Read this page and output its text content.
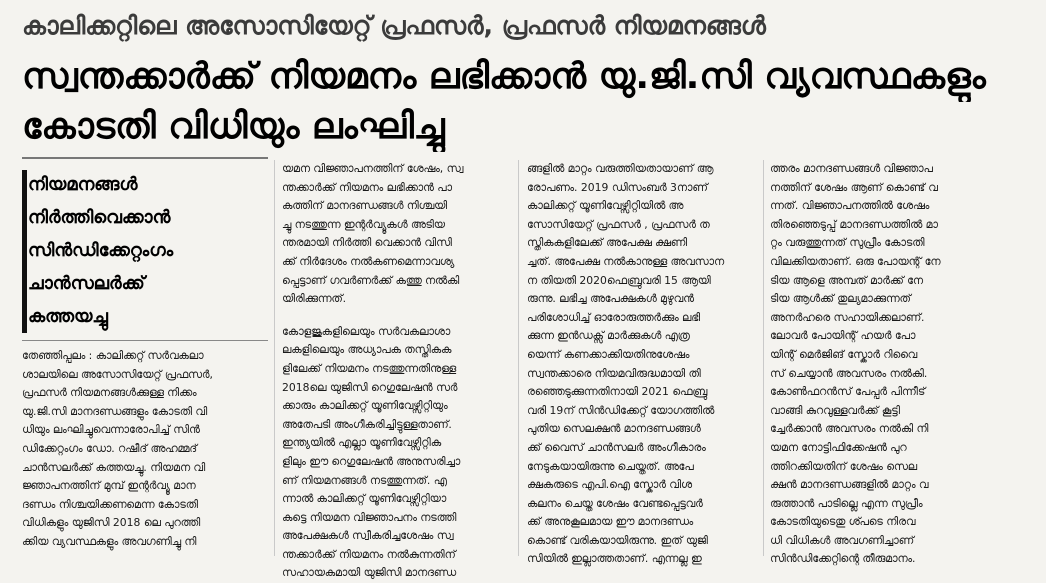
കാലിക്കറ്റിലെ അസോസിയേറ്റ് പ്രഫസർ, പ്രഫസർ നിയമനങ്ങൾ
സ്വന്തക്കാർക്ക് നിയമനം ലഭിക്കാൻ യു.ജി.സി വ്യവസ്ഥകളും
കോടതി വിധിയും ലംഘിച്ചു
നിയമനങ്ങൾ
നിർത്തിവെക്കാൻ
സിൻഡിക്കേറ്റംഗം
ചാൻസലർക്ക്
കത്തയച്ചു
തേഞ്ഞിപ്പലം : കാലിക്കറ്റ് സർവകലാ
ശാലയിലെ അസോസിയേറ്റ് പ്രഫസർ,
പ്രഫസർ നിയമനങ്ങൾക്കുള്ള നിക്കം
യു.ജി.സി മാനദണ്ഡങ്ങളും കോടതി വി
ധിയും ലംഘിച്ചുവെന്നാരോപിച്ച് സിൻ
ഡിക്കേറ്റംഗം ഡോ. റഷീദ് അഹമ്മദ്
ചാൻസലർക്ക് കത്തയച്ചു. നിയമന വി
ജ്ഞാപനത്തിന് മുമ്പ് ഇന്റർവ്യൂ മാന
ദണ്ഡം നിശ്ചയിക്കണമെന്ന കോടതി
വിധികളും യുജിസി 2018 ലെ പുറത്തി
ക്കിയ വ്യവസ്ഥകളും അവഗണിച്ചു നി
യമന വിജ്ഞാപനത്തിന് ശേഷം, സ്വ
ന്തക്കാർക്ക് നിയമനം ലഭിക്കാൻ പാ
കത്തിന് മാനദണ്ഡങ്ങൾ നിശ്ചയി
ച്ചു നടത്തുന്ന ഇന്റർവ്യൂകൾ അടിയ
ന്തരമായി നിർത്തി വെക്കാൻ വിസി
ക്ക് നിർദേശം നൽകണമെന്നാവശ്യ
പ്പെട്ടാണ് ഗവർണർക്ക് കത്തു നൽകി
യിരിക്കുന്നത്.
കോളജുകളിലെയും സർവകലാശാ
ലകളിലെയും അധ്യാപക തസ്തികക
ളിലേക്ക് നിയമനം നടത്തുന്നതിനുള്ള
2018ലെ യുജിസി റെഗുലേഷൻ സർ
ക്കാരും കാലിക്കറ്റ് യൂണിവേഴ്സിറ്റിയും
അതേപടി അംഗീകരിച്ചിട്ടുള്ളതാണ്.
ഇന്ത്യയിൽ എല്ലാ യൂണിവേഴ്സിറ്റിക
ളിലും ഈ റെഗുലേഷൻ അനുസരിച്ചാ
ണ് നിയമനങ്ങൾ നടത്തുന്നത്. എ
ന്നാൽ കാലിക്കറ്റ് യൂണിവേഴ്സിറ്റിയാ
കട്ടെ നിയമന വിജ്ഞാപനം നടത്തി
അപേക്ഷകൾ സ്വീകരിച്ചശേഷം സ്വ
ന്തക്കാർക്ക് നിയമനം നൽകുന്നതിന്
സഹായകമായി യുജിസി മാനദണ്ഡ
ങ്ങളിൽ മാറ്റം വരുത്തിയതായാണ് ആ
രോപണം. 2019 ഡിസംബർ 3നാണ്
കാലിക്കറ്റ് യൂണിവേഴ്സിറ്റിയിൽ അ
സോസിയേറ്റ് പ്രഫസർ , പ്രഫസർ ത
സ്തികകളിലേക്ക് അപേക്ഷ ക്ഷണി
ച്ചത്. അപേക്ഷ നൽകാനുള്ള അവസാന
ന തിയതി 2020ഫെബ്രുവരി 15 ആയി
രുന്നു. ലഭിച്ച അപേക്ഷകൾ മുഴുവൻ
പരിശോധിച്ച് ഓരോരുത്തർക്കും ലഭി
ക്കുന്ന ഇൻഡക്സ് മാർക്കുകൾ എത്ര
യെന്ന് കണക്കാക്കിയതിനുശേഷം
സ്വന്തക്കാരെ നിയമവിരുദ്ധമായി തി
രഞ്ഞെടുക്കുന്നതിനായി 2021 ഫെബ്രു
വരി 19ന് സിൻഡിക്കേറ്റ് യോഗത്തിൽ
പുതിയ സെലക്ഷൻ മാനദണ്ഡങ്ങൾ
ക്ക് വൈസ് ചാൻസലർ അംഗീകാരം
നേടുകയായിരുന്നു ചെയ്തത്. അപേ
ക്ഷകരുടെ എപി.ഐ സ്കോർ വിശ
കലനം ചെയ്ത ശേഷം വേണ്ടപ്പെട്ടവർ
ക്ക് അനുകൂലമായ ഈ മാനദണ്ഡം
കൊണ്ട് വരികയായിരുന്നു. ഇത് യുജി
സിയിൽ ഇല്ലാത്തതാണ്. എന്നല്ല ഇ
ത്തരം മാനദണ്ഡങ്ങൾ വിജ്ഞാപ
നത്തിന് ശേഷം ആണ് കൊണ്ട് വ
ന്നത്. വിജ്ഞാപനത്തിൽ ശേഷം
തിരഞ്ഞെടുപ്പ് മാനദണ്ഡത്തിൽ മാ
റ്റം വരുത്തുന്നത് സുപ്രീം കോടതി
വിലക്കിയതാണ്. ഒരു പോയന്റ് നേ
ടിയ ആളെ അമ്പത് മാർക്ക് നേ
ടിയ ആൾക്ക് തുല്യമാക്കുന്നത്
അനർഹരെ സഹായിക്കലാണ്.
ലോവർ പോയിന്റ് ഹയർ പോ
യിന്റ് മെർജിങ് സ്കോർ റിവൈ
സ് ചെയ്യാൻ അവസരം നൽകി.
കോൺഫറൻസ് പേപ്പർ പിന്നീട്
വാങ്ങി കുറവുള്ളവർക്ക് കൂട്ടി
ച്ചേർക്കാൻ അവസരം നൽകി നി
യമന നോട്ടിഫിക്കേഷൻ പുറ
ത്തിറക്കിയതിന് ശേഷം സെല
ക്ഷൻ മാനദണ്ഡങ്ങളിൽ മാറ്റം വ
രുത്താൻ പാടില്ലെ എന്ന സുപ്രീം
കോടതിയുടെതു ശ്പടെ നിരവ
ധി വിധികൾ അവഗണിച്ചാണ്
സിൻഡിക്കേറ്റിന്റെ തീരുമാനം.
